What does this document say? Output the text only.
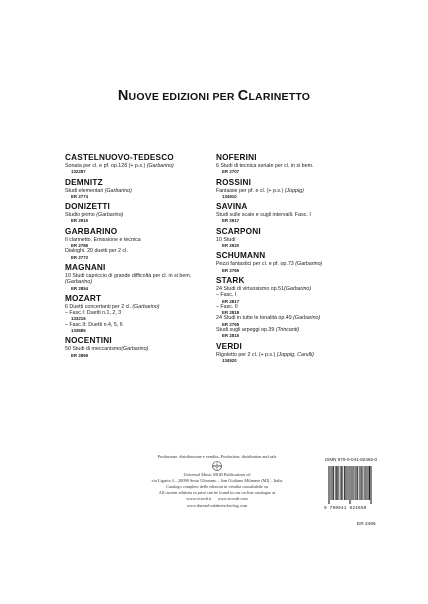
NUOVE EDIZIONI PER CLARINETTO
CASTELNUOVO-TEDESCO
Sonata per cl. e pf. op.128 (+ p.s.) (Garbarino)
132287
DEMNITZ
Studi elementari (Garbarino)
ER 2774
DONIZETTI
Studio primo (Garbarino)
ER 2915
GARBARINO
Il clarinetto. Emissione e tecnica
ER 2786
Dialoghi. 20 duetti per 2 cl.
ER 2772
MAGNANI
10 Studi capriccio di grande difficoltà per cl. in si bem.
(Garbarino)
ER 2854
MOZART
6 Duetti concertanti per 2 cl. (Garbarino)
– Fasc.I: Duetti n.1, 2, 3
133216
– Fasc.II: Duetti n.4, 5, 6
133685
NOCENTINI
50 Studi di meccanismo(Garbarino)
ER 2869
NOFERINI
6 Studi di tecnica seriale per cl. in si bem.
ER 2707
ROSSINI
Fantaisie per pf. e cl. (+ p.s.) (Joppig)
134910
SAVINA
Studi sulle scale e sugli intervalli. Fasc. I
ER 2917
SCARPONI
10 Studi
ER 2920
SCHUMANN
Pezzi fantastici per cl. e pf. op.73 (Garbarino)
ER 2765
STARK
24 Studi di virtuosismo op.51(Garbarino)
– Fasc. I
ER 2817
– Fasc. II
ER 2818
24 Studi in tutte le tonalità op.49 (Garbarino)
ER 2765
Studi sugli arpeggi op.39 (Trincanti)
ER 2815
VERDI
Rigoletto per 2 cl. (+ p.s.) (Joppig, Carulli)
134920
Produzione, distribuzione e vendita–Production, distribution and sale
Universal Music MGB Publications srl
via Liguria 4 – 20098 Sesto Ulteriano – San Giuliano Milanese (MI) – Italia
Catalogo completo delle edizioni in vendita consultabile su
All current editions in print can be found in our on-line catalogue at
www.ricordi.it www.ricordi.com
www.durand-salabertschechig.com
ISMN 979-0-041-82465-0
9 790041 824650
ER 2465
